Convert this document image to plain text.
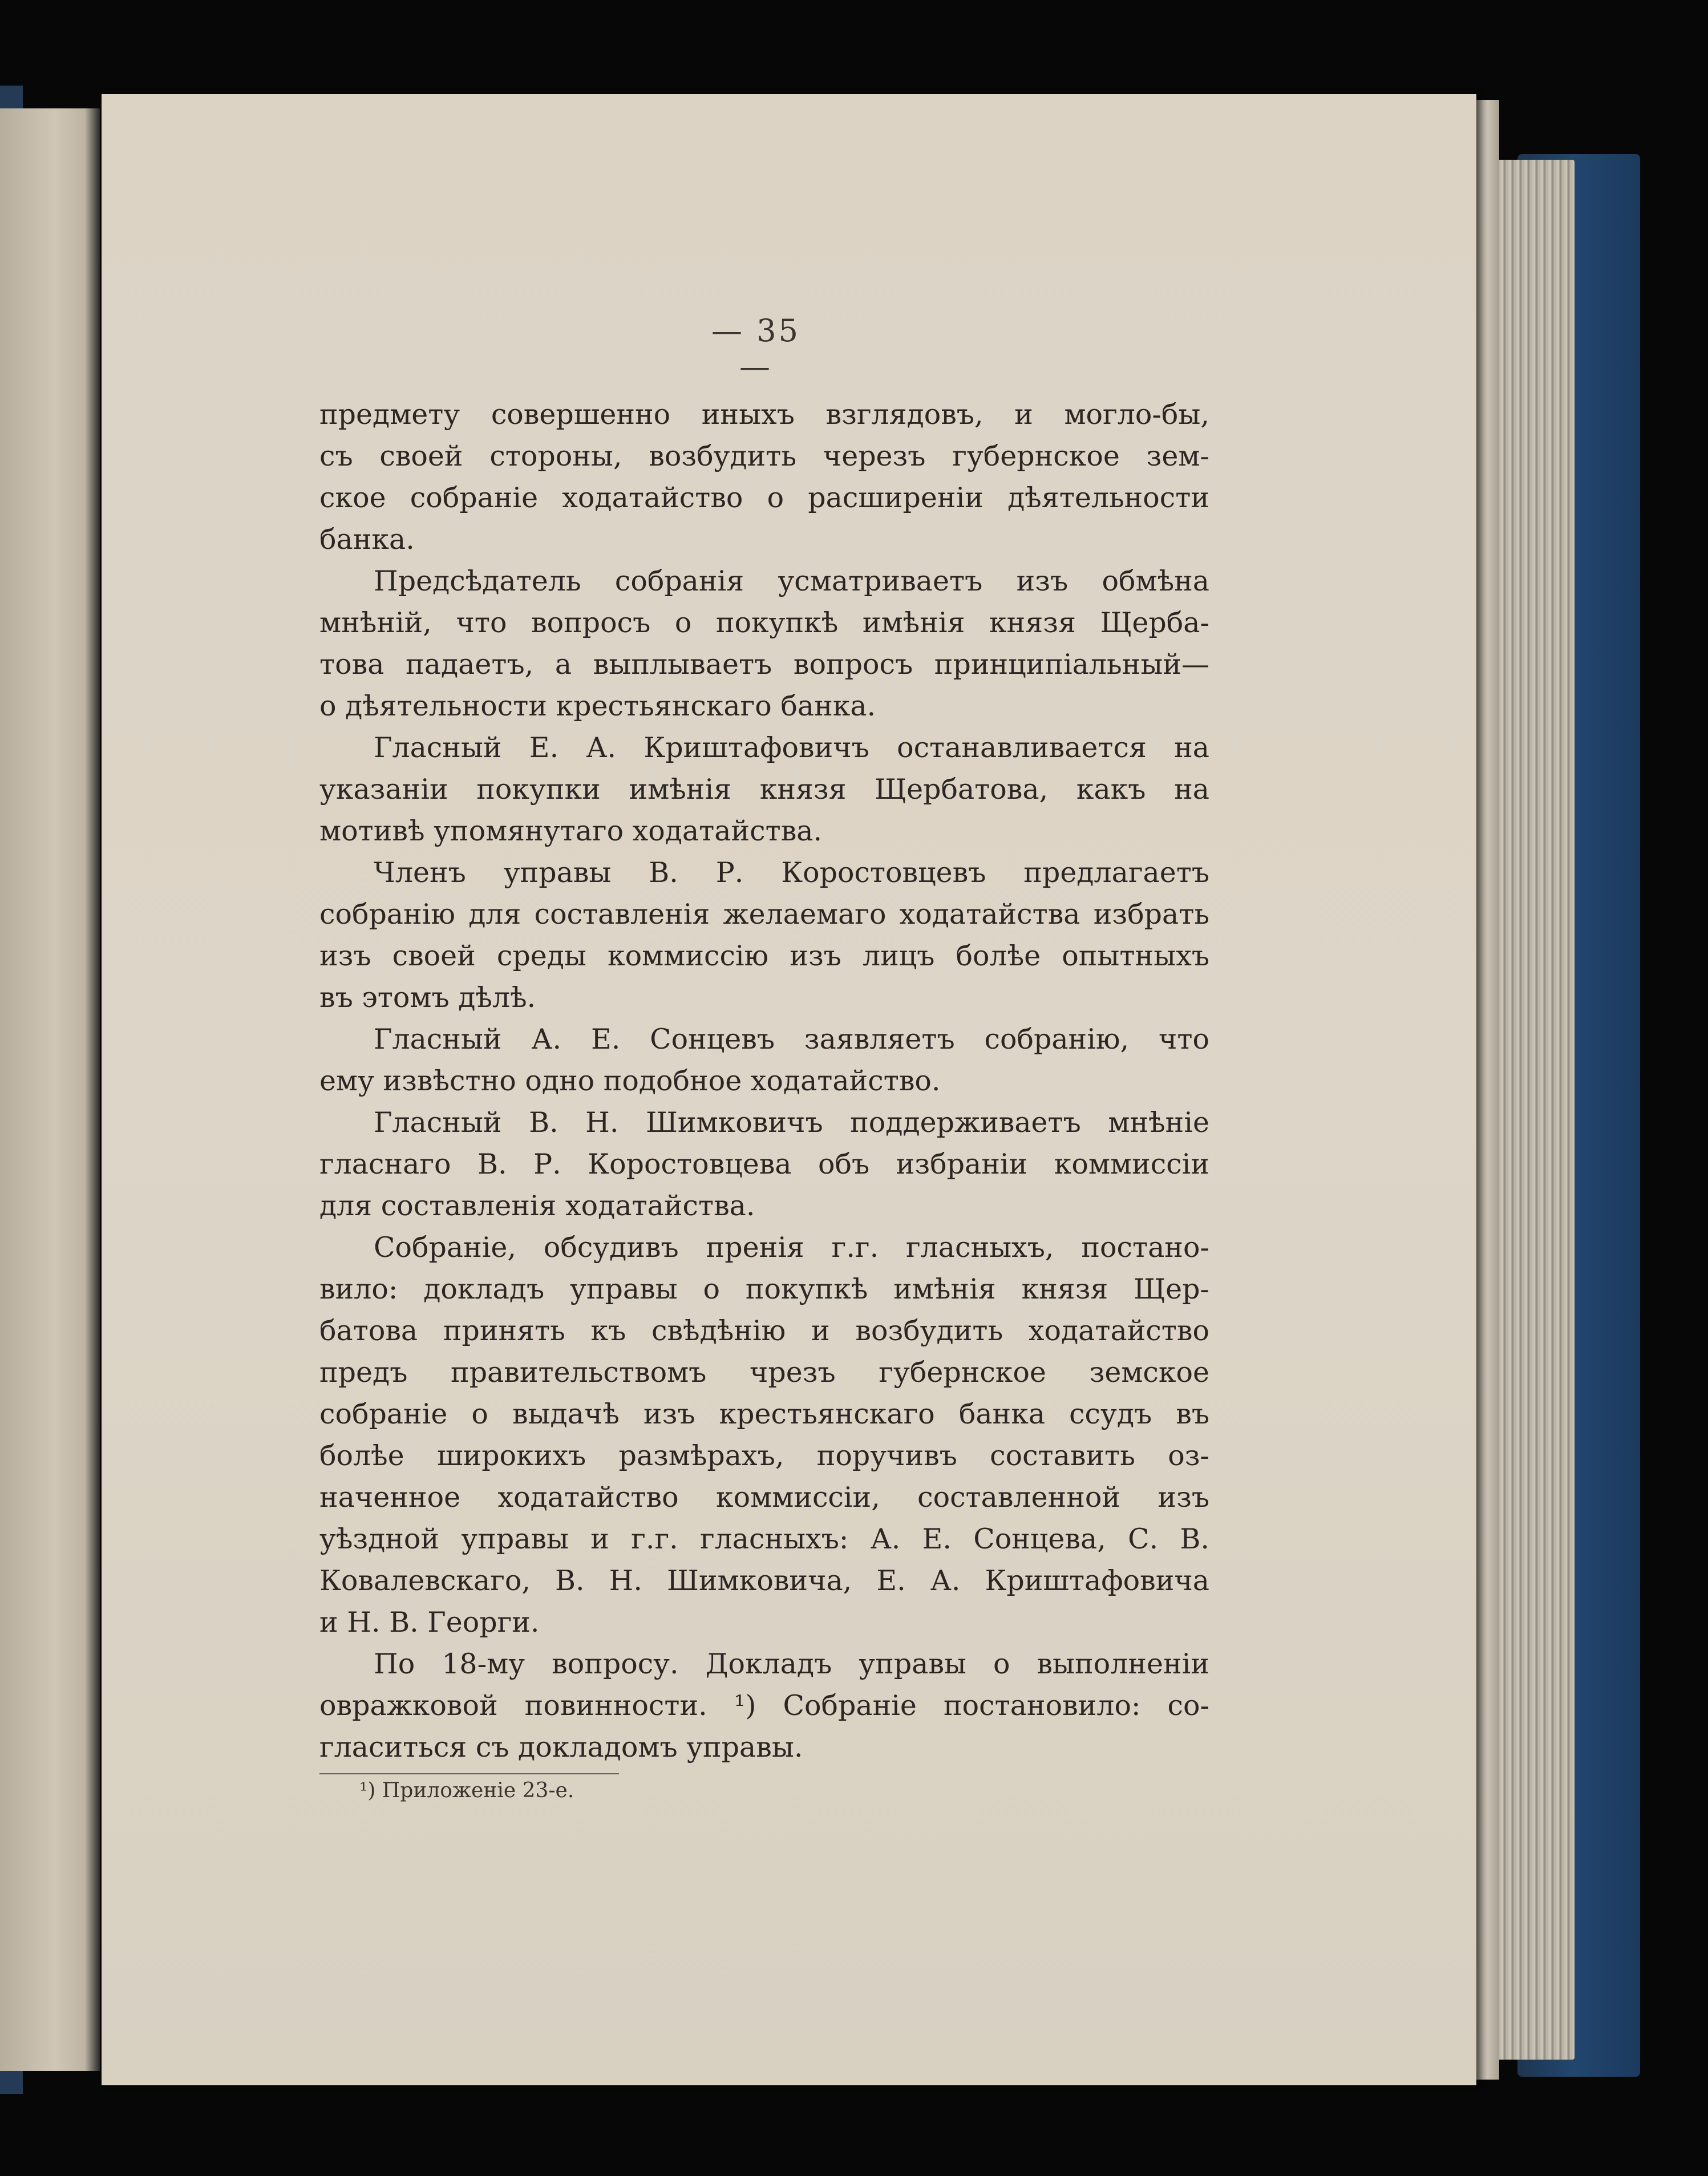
— 35 —
предмету совершенно иныхъ взглядовъ, и могло-бы,
съ своей стороны, возбудить черезъ губернское зем-
ское собраніе ходатайство о расширеніи дѣятельности
банка.
Предсѣдатель собранія усматриваетъ изъ обмѣна
мнѣній, что вопросъ о покупкѣ имѣнія князя Щерба-
това падаетъ, а выплываетъ вопросъ принципіальный—
о дѣятельности крестьянскаго банка.
Гласный Е. А. Криштафовичъ останавливается на
указаніи покупки имѣнія князя Щербатова, какъ на
мотивѣ упомянутаго ходатайства.
Членъ управы В. Р. Коростовцевъ предлагаетъ
собранію для составленія желаемаго ходатайства избрать
изъ своей среды коммиссію изъ лицъ болѣе опытныхъ
въ этомъ дѣлѣ.
Гласный А. Е. Сонцевъ заявляетъ собранію, что
ему извѣстно одно подобное ходатайство.
Гласный В. Н. Шимковичъ поддерживаетъ мнѣніе
гласнаго В. Р. Коростовцева объ избраніи коммиссіи
для составленія ходатайства.
Собраніе, обсудивъ пренія г.г. гласныхъ, постано-
вило: докладъ управы о покупкѣ имѣнія князя Щер-
батова принять къ свѣдѣнію и возбудить ходатайство
предъ правительствомъ чрезъ губернское земское
собраніе о выдачѣ изъ крестьянскаго банка ссудъ въ
болѣе широкихъ размѣрахъ, поручивъ составить оз-
наченное ходатайство коммиссіи, составленной изъ
уѣздной управы и г.г. гласныхъ: А. Е. Сонцева, С. В.
Ковалевскаго, В. Н. Шимковича, Е. А. Криштафовича
и Н. В. Георги.
По 18-му вопросу. Докладъ управы о выполненіи
овражковой повинности. ¹) Собраніе постановило: со-
гласиться съ докладомъ управы.
¹) Приложеніе 23-е.
